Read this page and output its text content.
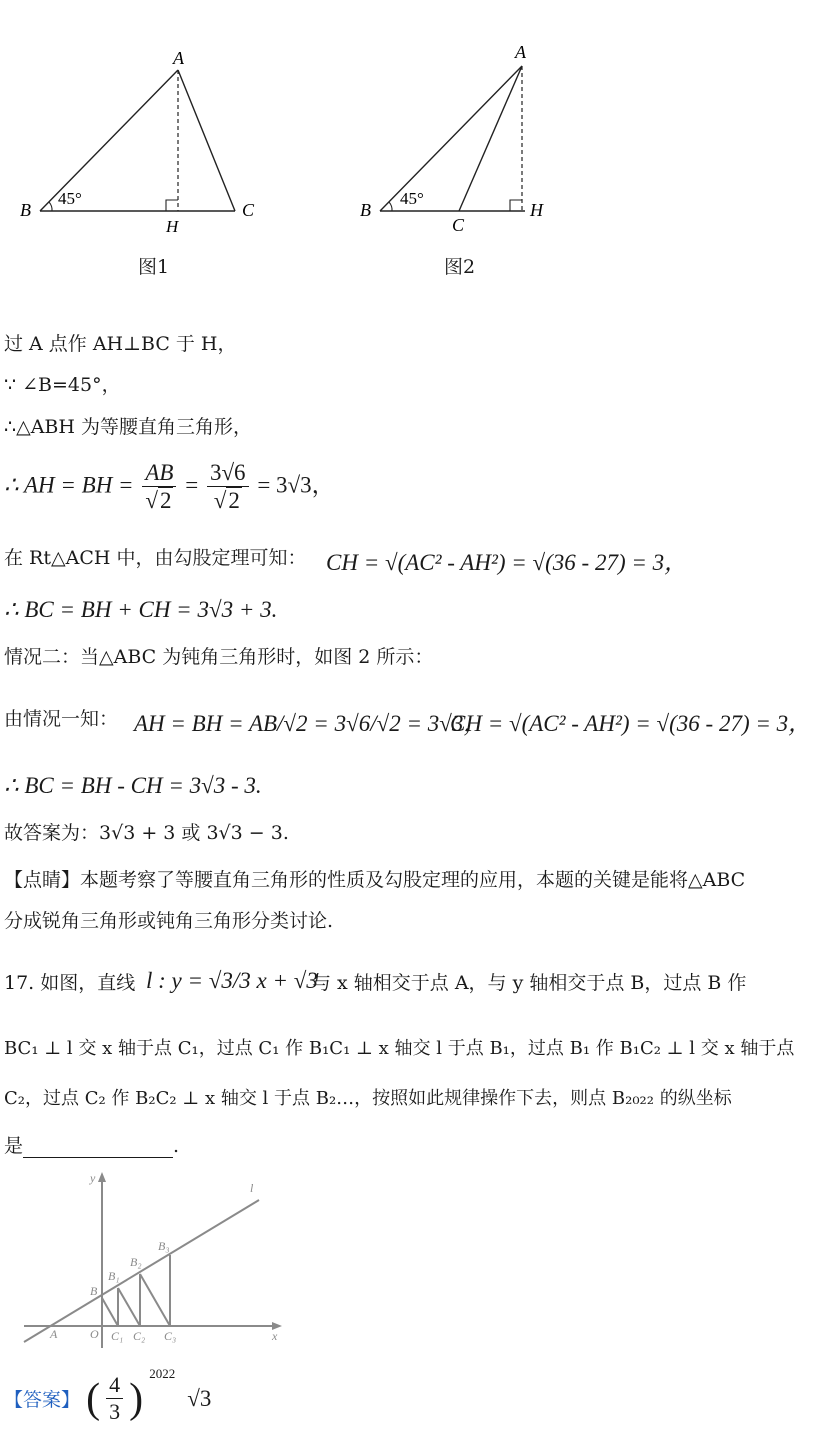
A
B	C
H
45°
图1
A
B
C
H
45°
图2
过 A 点作 AH⊥BC 于 H，
∵ ∠B=45°，
∴△ABH 为等腰直角三角形，
∴ AH = BH = $\frac{AB}{√2} = \frac{3√6}{√2} = 3√3$，
在 Rt△ACH 中，由勾股定理可知： CH = √(AC² - AH²) = √(36 - 27) = 3，
∴ BC = BH + CH = 3√3 + 3.
情况二：当△ABC 为钝角三角形时，如图 2 所示：
由情况一知： AH = BH = AB/√2 = 3√6/√2 = 3√3，
CH = √(AC² - AH²) = √(36 - 27) = 3，
∴ BC = BH - CH = 3√3 - 3.
故答案为：3√3 + 3 或 3√3 − 3.
【点睛】本题考察了等腰直角三角形的性质及勾股定理的应用，本题的关键是能将△ABC
分成锐角三角形或钝角三角形分类讨论.
17. 如图，直线 l : y = √3/3 x + √3
与 x 轴相交于点 A，与 y 轴相交于点 B，过点 B 作
BC₁ ⊥ l 交 x 轴于点 C₁，过点 C₁ 作 B₁C₁ ⊥ x 轴交 l 于点 B₁，过点 B₁ 作 B₁C₂ ⊥ l 交 x 轴于点
C₂，过点 C₂ 作 B₂C₂ ⊥ x 轴交 l 于点 B₂…，按照如此规律操作下去，则点 B₂₀₂₂ 的纵坐标
是	.
y
x
l
A	O
B
B₁
B₂
B₃
C₁ C₂ C₃
【答案】 ( $\frac{4}{3}$ ) $^{2022}$ √3
